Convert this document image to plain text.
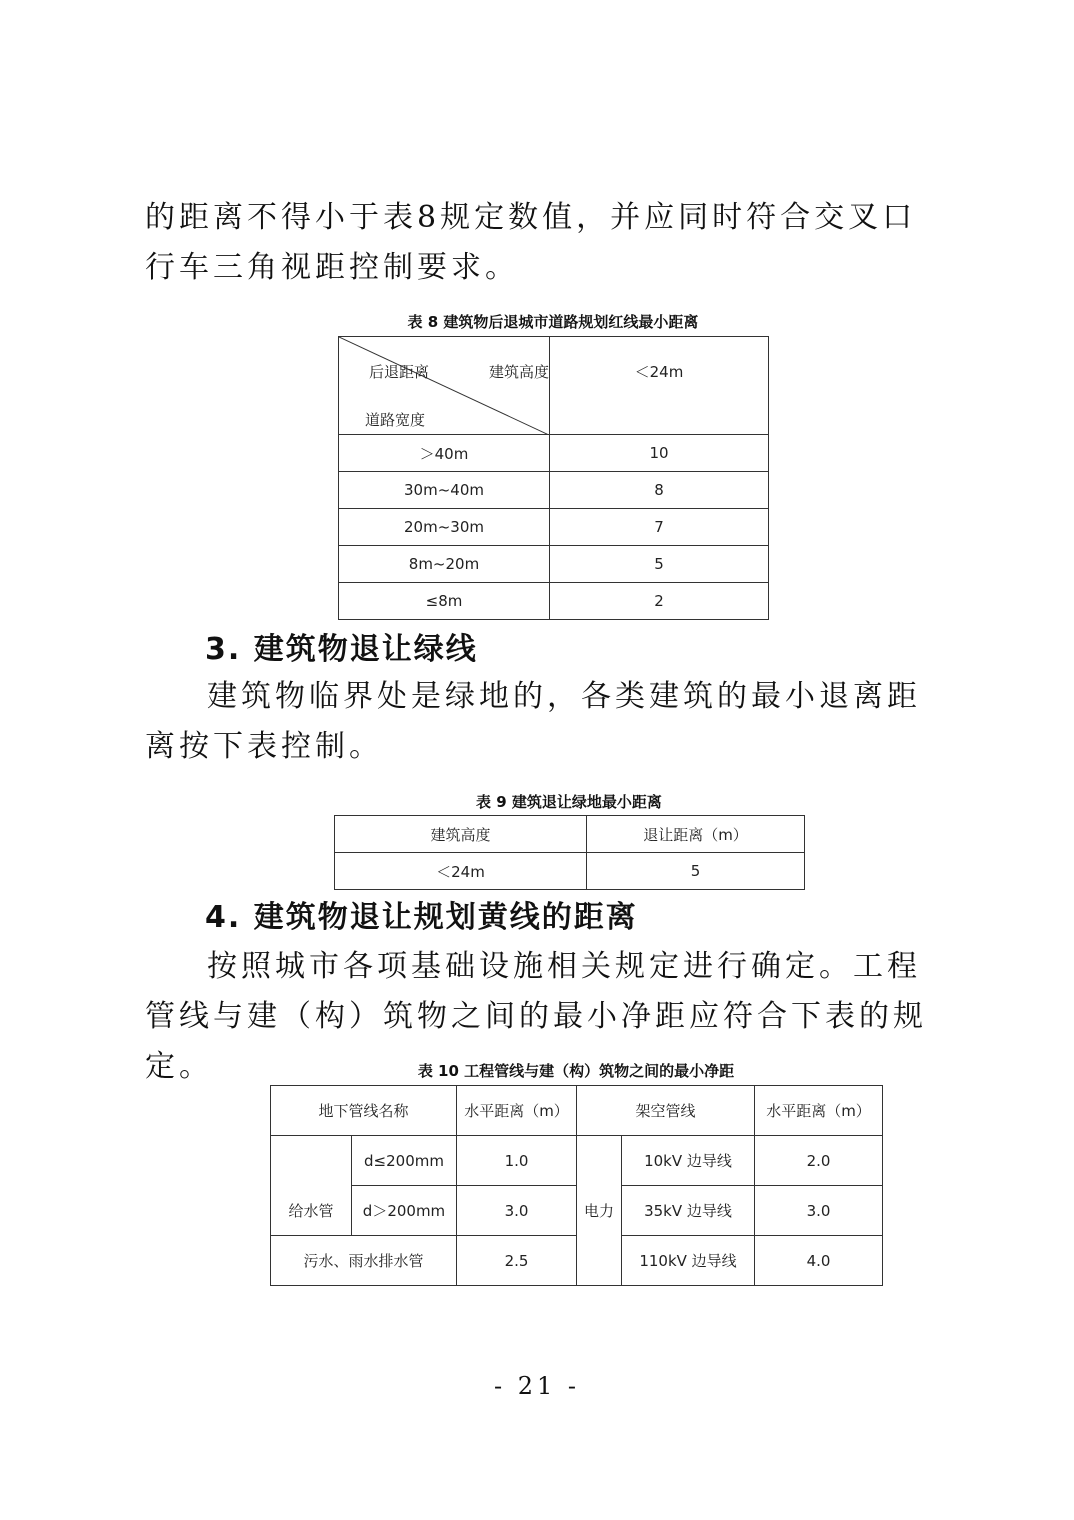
的距离不得小于表8规定数值，并应同时符合交叉口行车三角视距控制要求。

表 8 建筑物后退城市道路规划红线最小距离

后退距离 建筑高度
道路宽度	＜24m
＞40m	10
30m~40m	8
20m~30m	7
8m~20m	5
≤8m	2
3. 建筑物退让绿线

建筑物临界处是绿地的，各类建筑的最小退离距离按下表控制。

表 9 建筑退让绿地最小距离

建筑高度	退让距离（m）
＜24m	5
4. 建筑物退让规划黄线的距离

按照城市各项基础设施相关规定进行确定。工程管线与建（构）筑物之间的最小净距应符合下表的规定。	表 10 工程管线与建（构）筑物之间的最小净距

地下管线名称		水平距离（m）	架空管线		水平距离（m）
给水管	d≤200mm	1.0	电力	10kV 边导线	2.0
	d＞200mm	3.0		35kV 边导线	3.0
污水、雨水排水管		2.5		110kV 边导线	4.0
- 21 -
